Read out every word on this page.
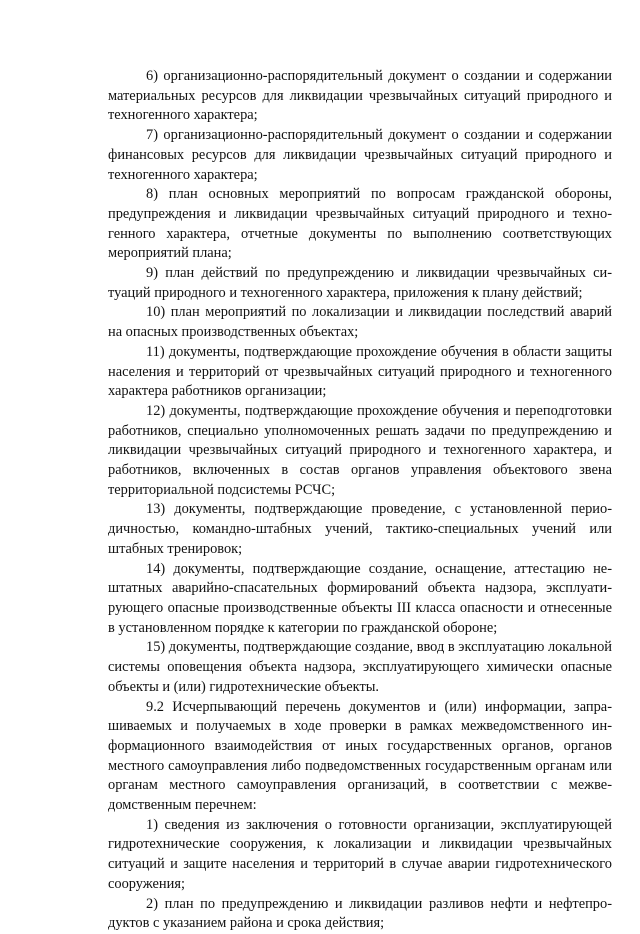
6) организационно-распорядительный документ о создании и содержании материальных ресурсов для ликвидации чрезвычайных ситуаций природного и техногенного характера;

7) организационно-распорядительный документ о создании и содержании финансовых ресурсов для ликвидации чрезвычайных ситуаций природного и техногенного характера;

8) план основных мероприятий по вопросам гражданской обороны, предупреждения и ликвидации чрезвычайных ситуаций природного и техногенного характера, отчетные документы по выполнению соответствующих мероприятий плана;

9) план действий по предупреждению и ликвидации чрезвычайных ситуаций природного и техногенного характера, приложения к плану действий;

10) план мероприятий по локализации и ликвидации последствий аварий на опасных производственных объектах;

11) документы, подтверждающие прохождение обучения в области защиты населения и территорий от чрезвычайных ситуаций природного и техногенного характера работников организации;

12) документы, подтверждающие прохождение обучения и переподготовки работников, специально уполномоченных решать задачи по предупреждению и ликвидации чрезвычайных ситуаций природного и техногенного характера, и работников, включенных в состав органов управления объектового звена территориальной подсистемы РСЧС;

13) документы, подтверждающие проведение, с установленной периодичностью, командно-штабных учений, тактико-специальных учений или штабных тренировок;

14) документы, подтверждающие создание, оснащение, аттестацию нештатных аварийно-спасательных формирований объекта надзора, эксплуатирующего опасные производственные объекты III класса опасности и отнесенные в установленном порядке к категории по гражданской обороне;

15) документы, подтверждающие создание, ввод в эксплуатацию локальной системы оповещения объекта надзора, эксплуатирующего химически опасные объекты и (или) гидротехнические объекты.

9.2 Исчерпывающий перечень документов и (или) информации, запрашиваемых и получаемых в ходе проверки в рамках межведомственного информационного взаимодействия от иных государственных органов, органов местного самоуправления либо подведомственных государственным органам или органам местного самоуправления организаций, в соответствии с межведомственным перечнем:

1) сведения из заключения о готовности организации, эксплуатирующей гидротехнические сооружения, к локализации и ликвидации чрезвычайных ситуаций и защите населения и территорий в случае аварии гидротехнического сооружения;

2) план по предупреждению и ликвидации разливов нефти и нефтепродуктов с указанием района и срока действия;
